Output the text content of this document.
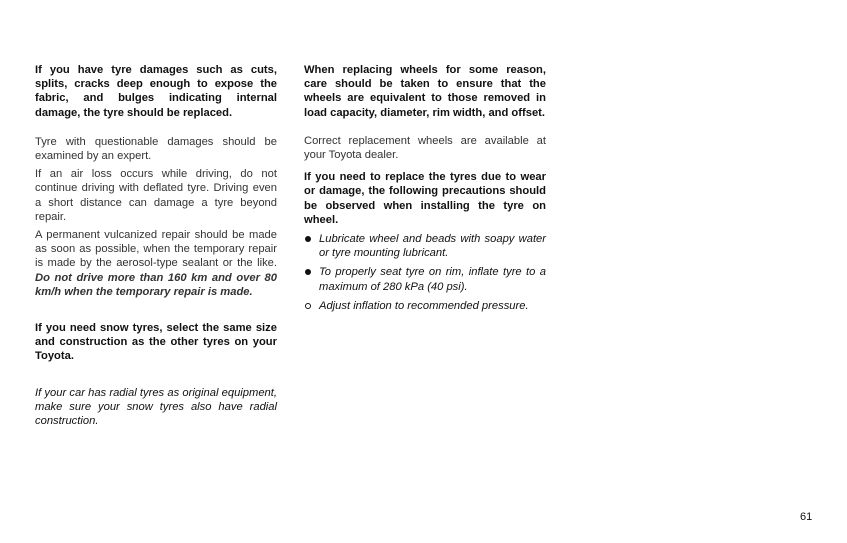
If you have tyre damages such as cuts, splits, cracks deep enough to expose the fabric, and bulges indicating internal damage, the tyre should be replaced.

Tyre with questionable damages should be examined by an expert.

If an air loss occurs while driving, do not continue driving with deflated tyre. Driving even a short distance can damage a tyre beyond repair.

A permanent vulcanized repair should be made as soon as possible, when the temporary repair is made by the aerosol-type sealant or the like. Do not drive more than 160 km and over 80 km/h when the temporary repair is made.

If you need snow tyres, select the same size and construction as the other tyres on your Toyota.

If your car has radial tyres as original equipment, make sure your snow tyres also have radial construction.

When replacing wheels for some reason, care should be taken to ensure that the wheels are equivalent to those removed in load capacity, diameter, rim width, and offset.

Correct replacement wheels are available at your Toyota dealer.

If you need to replace the tyres due to wear or damage, the following precautions should be observed when installing the tyre on wheel.

Lubricate wheel and beads with soapy water or tyre mounting lubricant.
To properly seat tyre on rim, inflate tyre to a maximum of 280 kPa (40 psi).
Adjust inflation to recommended pressure.
61
